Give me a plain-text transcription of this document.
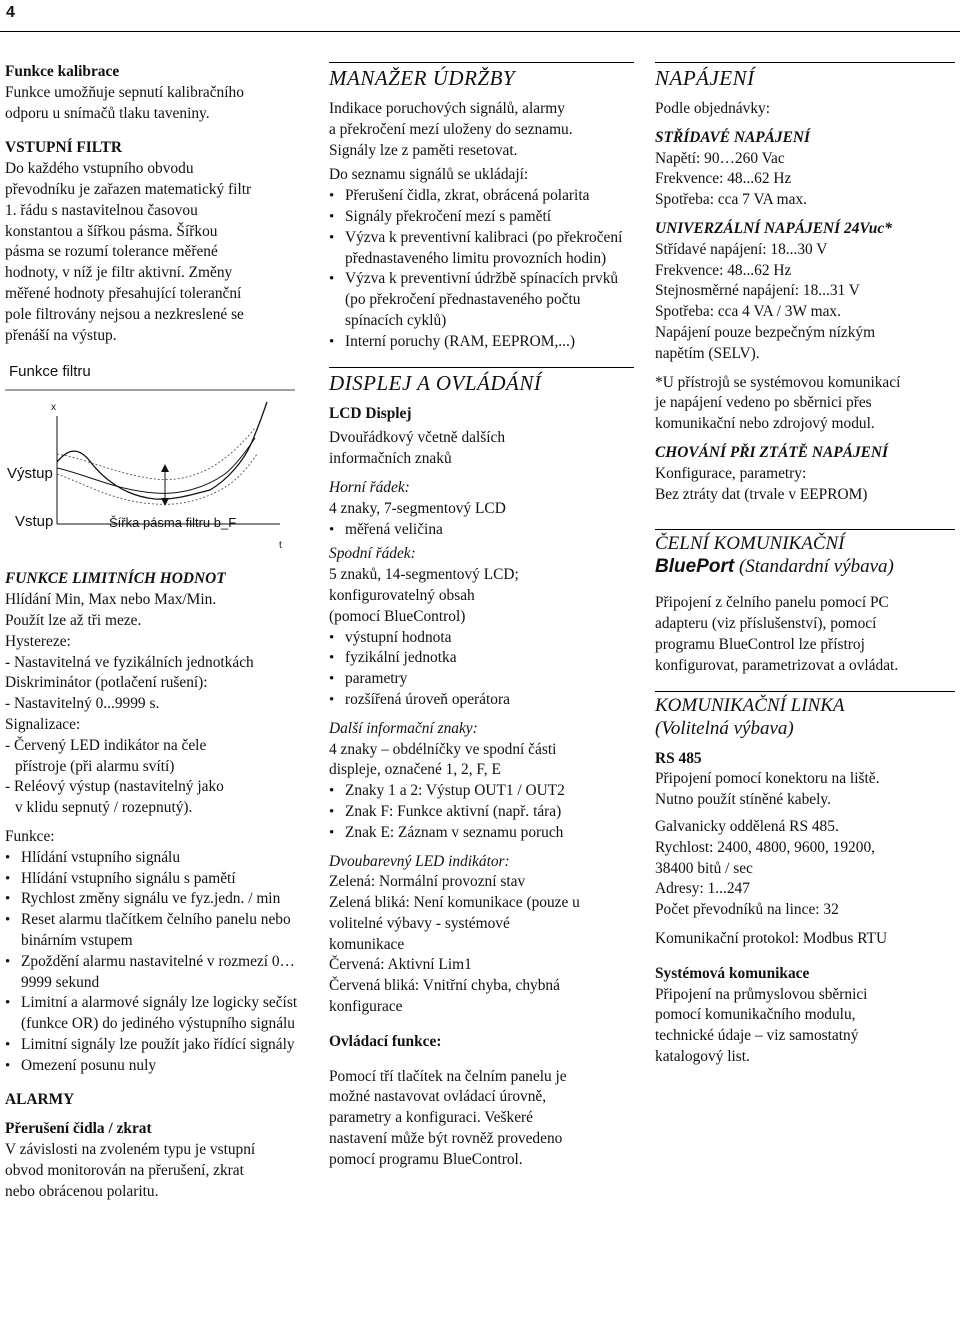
4

Funkce kalibrace

Funkce umožňuje sepnutí kalibračního

odporu u snímačů tlaku taveniny.

VSTUPNÍ FILTR

Do každého vstupního obvodu

převodníku je zařazen matematický filtr

1. řádu s nastavitelnou časovou

konstantou a šířkou pásma. Šířkou

pásma se rozumí tolerance měřené

hodnoty, v níž je filtr aktivní. Změny

měřené hodnoty přesahující toleranční

pole filtrovány nejsou a nezkreslené se

přenáší na výstup.

Funkce filtru
x
Výstup
Vstup	Šířka pásma filtru b_F
t

FUNKCE LIMITNÍCH HODNOT

Hlídání Min, Max nebo Max/Min.

Použít lze až tři meze.

Hystereze:

- Nastavitelná ve fyzikálních jednotkách

Diskriminátor (potlačení rušení):

- Nastavitelný 0...9999 s.

Signalizace:

- Červený LED indikátor na čele

přístroje (při alarmu svítí)

- Reléový výstup (nastavitelný jako

v klidu sepnutý / rozepnutý).

Funkce:

• Hlídání vstupního signálu
• Hlídání vstupního signálu s pamětí
• Rychlost změny signálu ve fyz.jedn. / min
• Reset alarmu tlačítkem čelního panelu nebo binárním vstupem
• Zpoždění alarmu nastavitelné v rozmezí 0…9999 sekund
• Limitní a alarmové signály lze logicky sečíst (funkce OR) do jediného výstupního signálu
• Limitní signály lze použít jako řídící signály
• Omezení posunu nuly

ALARMY

Přerušení čidla / zkrat

V závislosti na zvoleném typu je vstupní

obvod monitorován na přerušení, zkrat

nebo obrácenou polaritu.

MANAŽER ÚDRŽBY

Indikace poruchových signálů, alarmy

a překročení mezí uloženy do seznamu.

Signály lze z paměti resetovat.

Do seznamu signálů se ukládají:

• Přerušení čidla, zkrat, obrácená polarita
• Signály překročení mezí s pamětí
• Výzva k preventivní kalibraci (po překročení přednastaveného limitu provozních hodin)
• Výzva k preventivní údržbě spínacích prvků (po překročení přednastaveného počtu spínacích cyklů)
• Interní poruchy (RAM, EEPROM,...)

DISPLEJ A OVLÁDÁNÍ

LCD Displej

Dvouřádkový včetně dalších

informačních znaků

Horní řádek:

4 znaky, 7-segmentový LCD

• měřená veličina

Spodní řádek:

5 znaků, 14-segmentový LCD;

konfigurovatelný obsah

(pomocí BlueControl)

• výstupní hodnota
• fyzikální jednotka
• parametry
• rozšířená úroveň operátora

Další informační znaky:

4 znaky – obdélníčky ve spodní části

displeje, označené 1, 2, F, E

• Znaky 1 a 2: Výstup OUT1 / OUT2
• Znak F: Funkce aktivní (např. tára)
• Znak E: Záznam v seznamu poruch

Dvoubarevný LED indikátor:

Zelená: Normální provozní stav

Zelená bliká: Není komunikace (pouze u

volitelné výbavy - systémové

komunikace

Červená: Aktivní Lim1

Červená bliká: Vnitřní chyba, chybná

konfigurace

Ovládací funkce:

Pomocí tří tlačítek na čelním panelu je

možné nastavovat ovládací úrovně,

parametry a konfiguraci. Veškeré

nastavení může být rovněž provedeno

pomocí programu BlueControl.

NAPÁJENÍ

Podle objednávky:

STŘÍDAVÉ NAPÁJENÍ

Napětí: 90…260 Vac

Frekvence: 48...62 Hz

Spotřeba: cca 7 VA max.

UNIVERZÁLNÍ NAPÁJENÍ 24Vuc*

Střídavé napájení: 18...30 V

Frekvence: 48...62 Hz

Stejnosměrné napájení: 18...31 V

Spotřeba: cca 4 VA / 3W max.

Napájení pouze bezpečným nízkým

napětím (SELV).

*U přístrojů se systémovou komunikací

je napájení vedeno po sběrnici přes

komunikační nebo zdrojový modul.

CHOVÁNÍ PŘI ZTÁTĚ NAPÁJENÍ

Konfigurace, parametry:

Bez ztráty dat (trvale v EEPROM)

ČELNÍ KOMUNIKAČNÍ

BluePort (Standardní výbava)

Připojení z čelního panelu pomocí PC

adapteru (viz příslušenství), pomocí

programu BlueControl lze přístroj

konfigurovat, parametrizovat a ovládat.

KOMUNIKAČNÍ LINKA

(Volitelná výbava)

RS 485

Připojení pomocí konektoru na liště.

Nutno použít stíněné kabely.

Galvanicky oddělená RS 485.

Rychlost: 2400, 4800, 9600, 19200,

38400 bitů / sec

Adresy: 1...247

Počet převodníků na lince: 32

Komunikační protokol: Modbus RTU

Systémová komunikace

Připojení na průmyslovou sběrnici

pomocí komunikačního modulu,

technické údaje – viz samostatný

katalogový list.
